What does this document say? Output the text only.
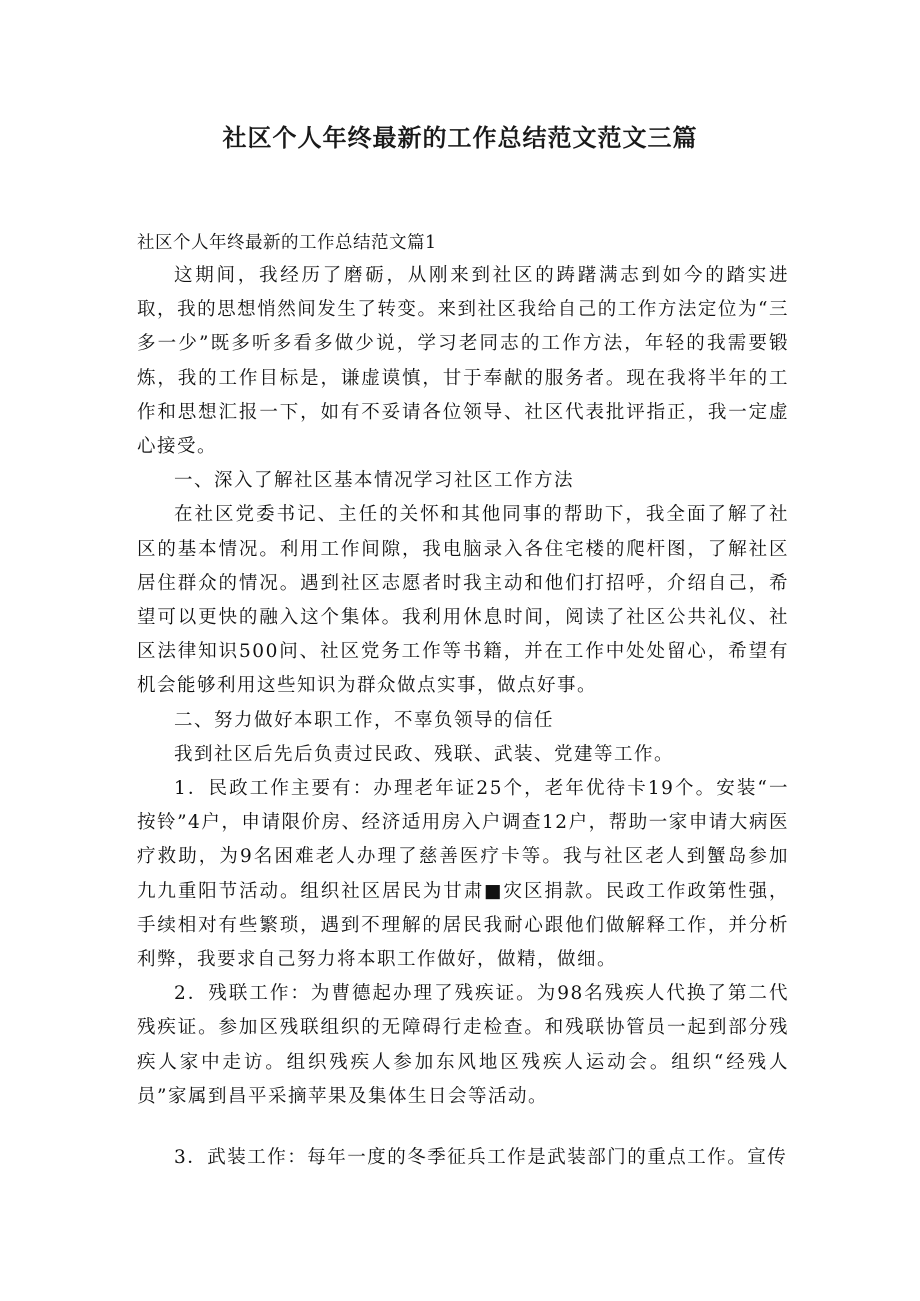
社区个人年终最新的工作总结范文范文三篇
社区个人年终最新的工作总结范文篇1

这期间，我经历了磨砺，从刚来到社区的踌躇满志到如今的踏实进取，我的思想悄然间发生了转变。来到社区我给自己的工作方法定位为“三多一少”既多听多看多做少说，学习老同志的工作方法，年轻的我需要锻炼，我的工作目标是，谦虚谟慎，甘于奉献的服务者。现在我将半年的工作和思想汇报一下，如有不妥请各位领导、社区代表批评指正，我一定虚心接受。

一、深入了解社区基本情况学习社区工作方法

在社区党委书记、主任的关怀和其他同事的帮助下，我全面了解了社区的基本情况。利用工作间隙，我电脑录入各住宅楼的爬杆图，了解社区居住群众的情况。遇到社区志愿者时我主动和他们打招呼，介绍自己，希望可以更快的融入这个集体。我利用休息时间，阅读了社区公共礼仪、社区法律知识500问、社区党务工作等书籍，并在工作中处处留心，希望有机会能够利用这些知识为群众做点实事，做点好事。

二、努力做好本职工作，不辜负领导的信任

我到社区后先后负责过民政、残联、武装、党建等工作。

1．民政工作主要有：办理老年证25个，老年优待卡19个。安装“一按铃”4户，申请限价房、经济适用房入户调查12户，帮助一家申请大病医疗救助，为9名困难老人办理了慈善医疗卡等。我与社区老人到蟹岛参加九九重阳节活动。组织社区居民为甘肃■灾区捐款。民政工作政第性强，手续相对有些繁琐，遇到不理解的居民我耐心跟他们做解释工作，并分析利弊，我要求自己努力将本职工作做好，做精，做细。

2．残联工作：为曹德起办理了残疾证。为98名残疾人代换了第二代残疾证。参加区残联组织的无障碍行走检查。和残联协管员一起到部分残疾人家中走访。组织残疾人参加东风地区残疾人运动会。组织“经残人员”家属到昌平采摘苹果及集体生日会等活动。

3．武装工作：每年一度的冬季征兵工作是武装部门的重点工作。宣传
